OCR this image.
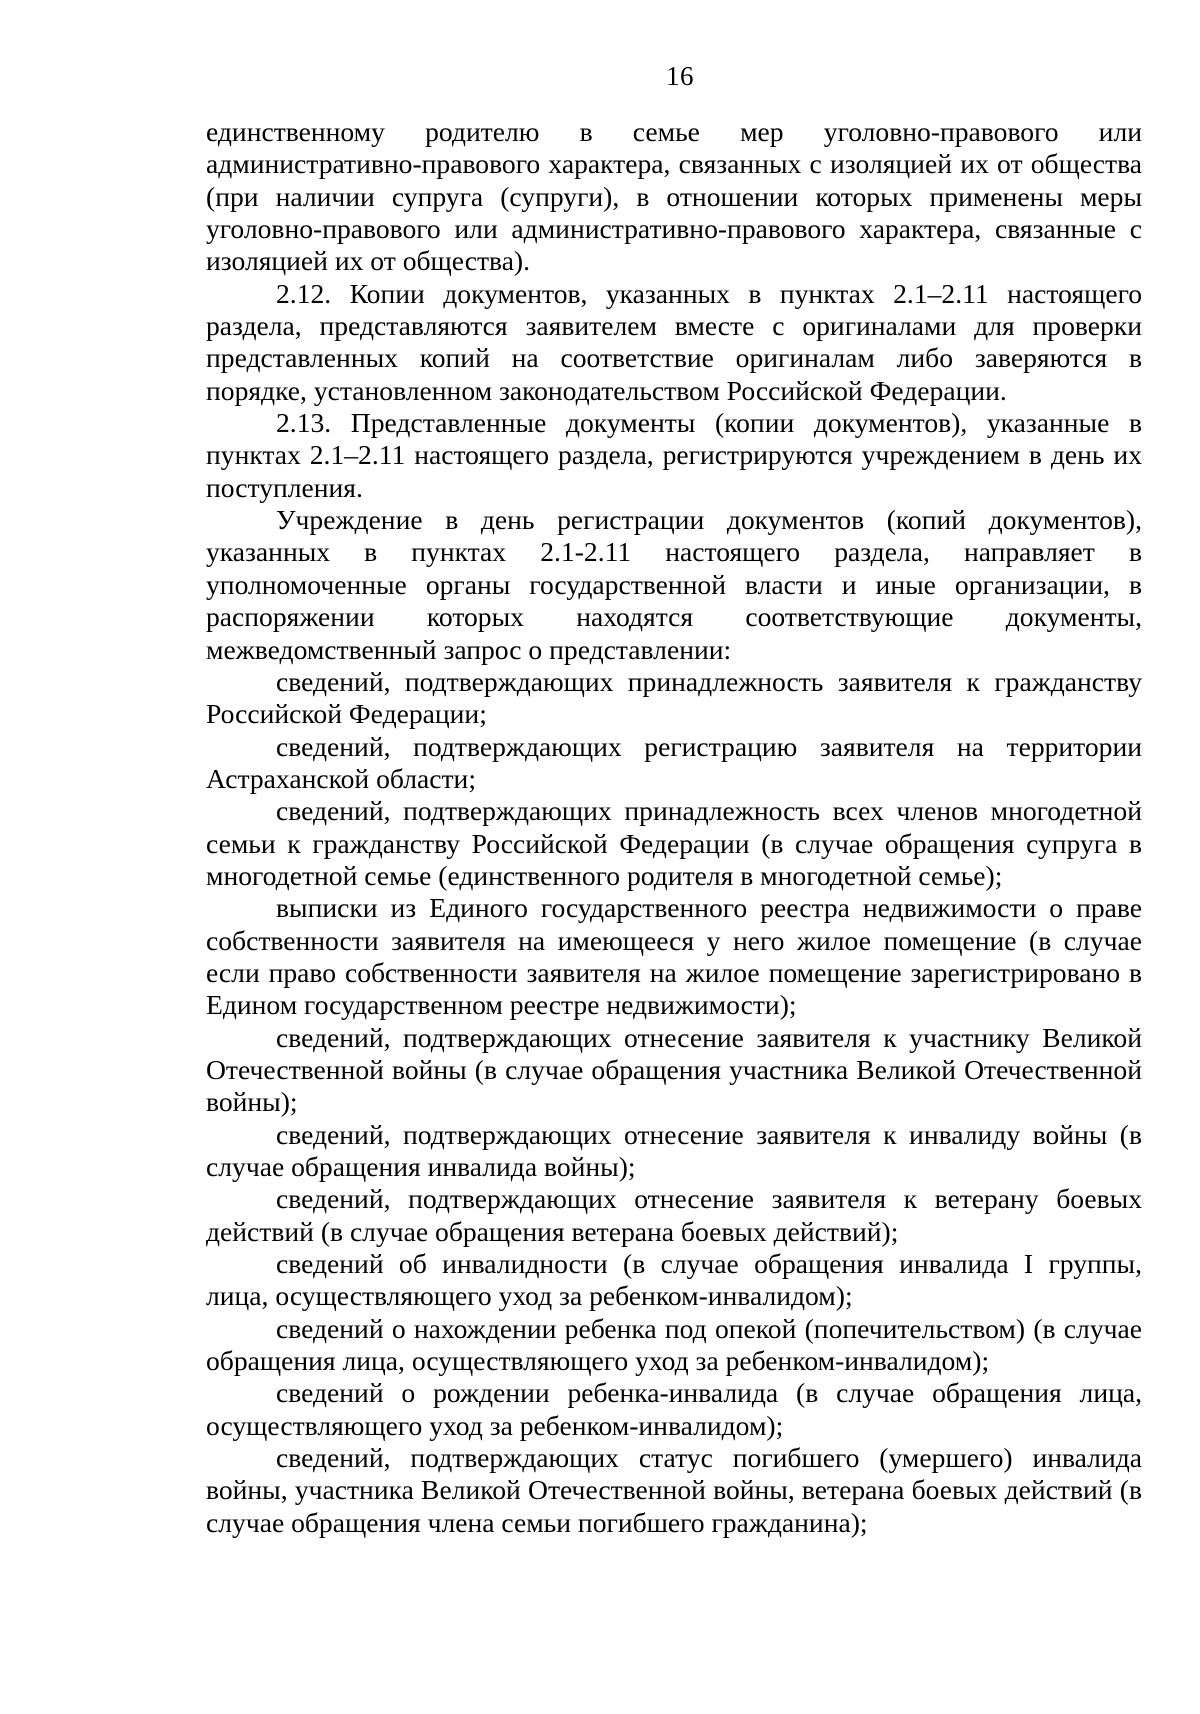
16

единственному родителю в семье мер уголовно-правового или административно-правового характера, связанных с изоляцией их от общества (при наличии супруга (супруги), в отношении которых применены меры уголовно-правового или административно-правового характера, связанные с изоляцией их от общества).

2.12. Копии документов, указанных в пунктах 2.1–2.11 настоящего раздела, представляются заявителем вместе с оригиналами для проверки представленных копий на соответствие оригиналам либо заверяются в порядке, установленном законодательством Российской Федерации.

2.13. Представленные документы (копии документов), указанные в пунктах 2.1–2.11 настоящего раздела, регистрируются учреждением в день их поступления.

Учреждение в день регистрации документов (копий документов), указанных в пунктах 2.1-2.11 настоящего раздела, направляет в уполномоченные органы государственной власти и иные организации, в распоряжении которых находятся соответствующие документы, межведомственный запрос о представлении:

сведений, подтверждающих принадлежность заявителя к гражданству Российской Федерации;

сведений, подтверждающих регистрацию заявителя на территории Астраханской области;

сведений, подтверждающих принадлежность всех членов многодетной семьи к гражданству Российской Федерации (в случае обращения супруга в многодетной семье (единственного родителя в многодетной семье);

выписки из Единого государственного реестра недвижимости о праве собственности заявителя на имеющееся у него жилое помещение (в случае если право собственности заявителя на жилое помещение зарегистрировано в Едином государственном реестре недвижимости);

сведений, подтверждающих отнесение заявителя к участнику Великой Отечественной войны (в случае обращения участника Великой Отечественной войны);

сведений, подтверждающих отнесение заявителя к инвалиду войны (в случае обращения инвалида войны);

сведений, подтверждающих отнесение заявителя к ветерану боевых действий (в случае обращения ветерана боевых действий);

сведений об инвалидности (в случае обращения инвалида I группы, лица, осуществляющего уход за ребенком-инвалидом);

сведений о нахождении ребенка под опекой (попечительством) (в случае обращения лица, осуществляющего уход за ребенком-инвалидом);

сведений о рождении ребенка-инвалида (в случае обращения лица, осуществляющего уход за ребенком-инвалидом);

сведений, подтверждающих статус погибшего (умершего) инвалида войны, участника Великой Отечественной войны, ветерана боевых действий (в случае обращения члена семьи погибшего гражданина);
